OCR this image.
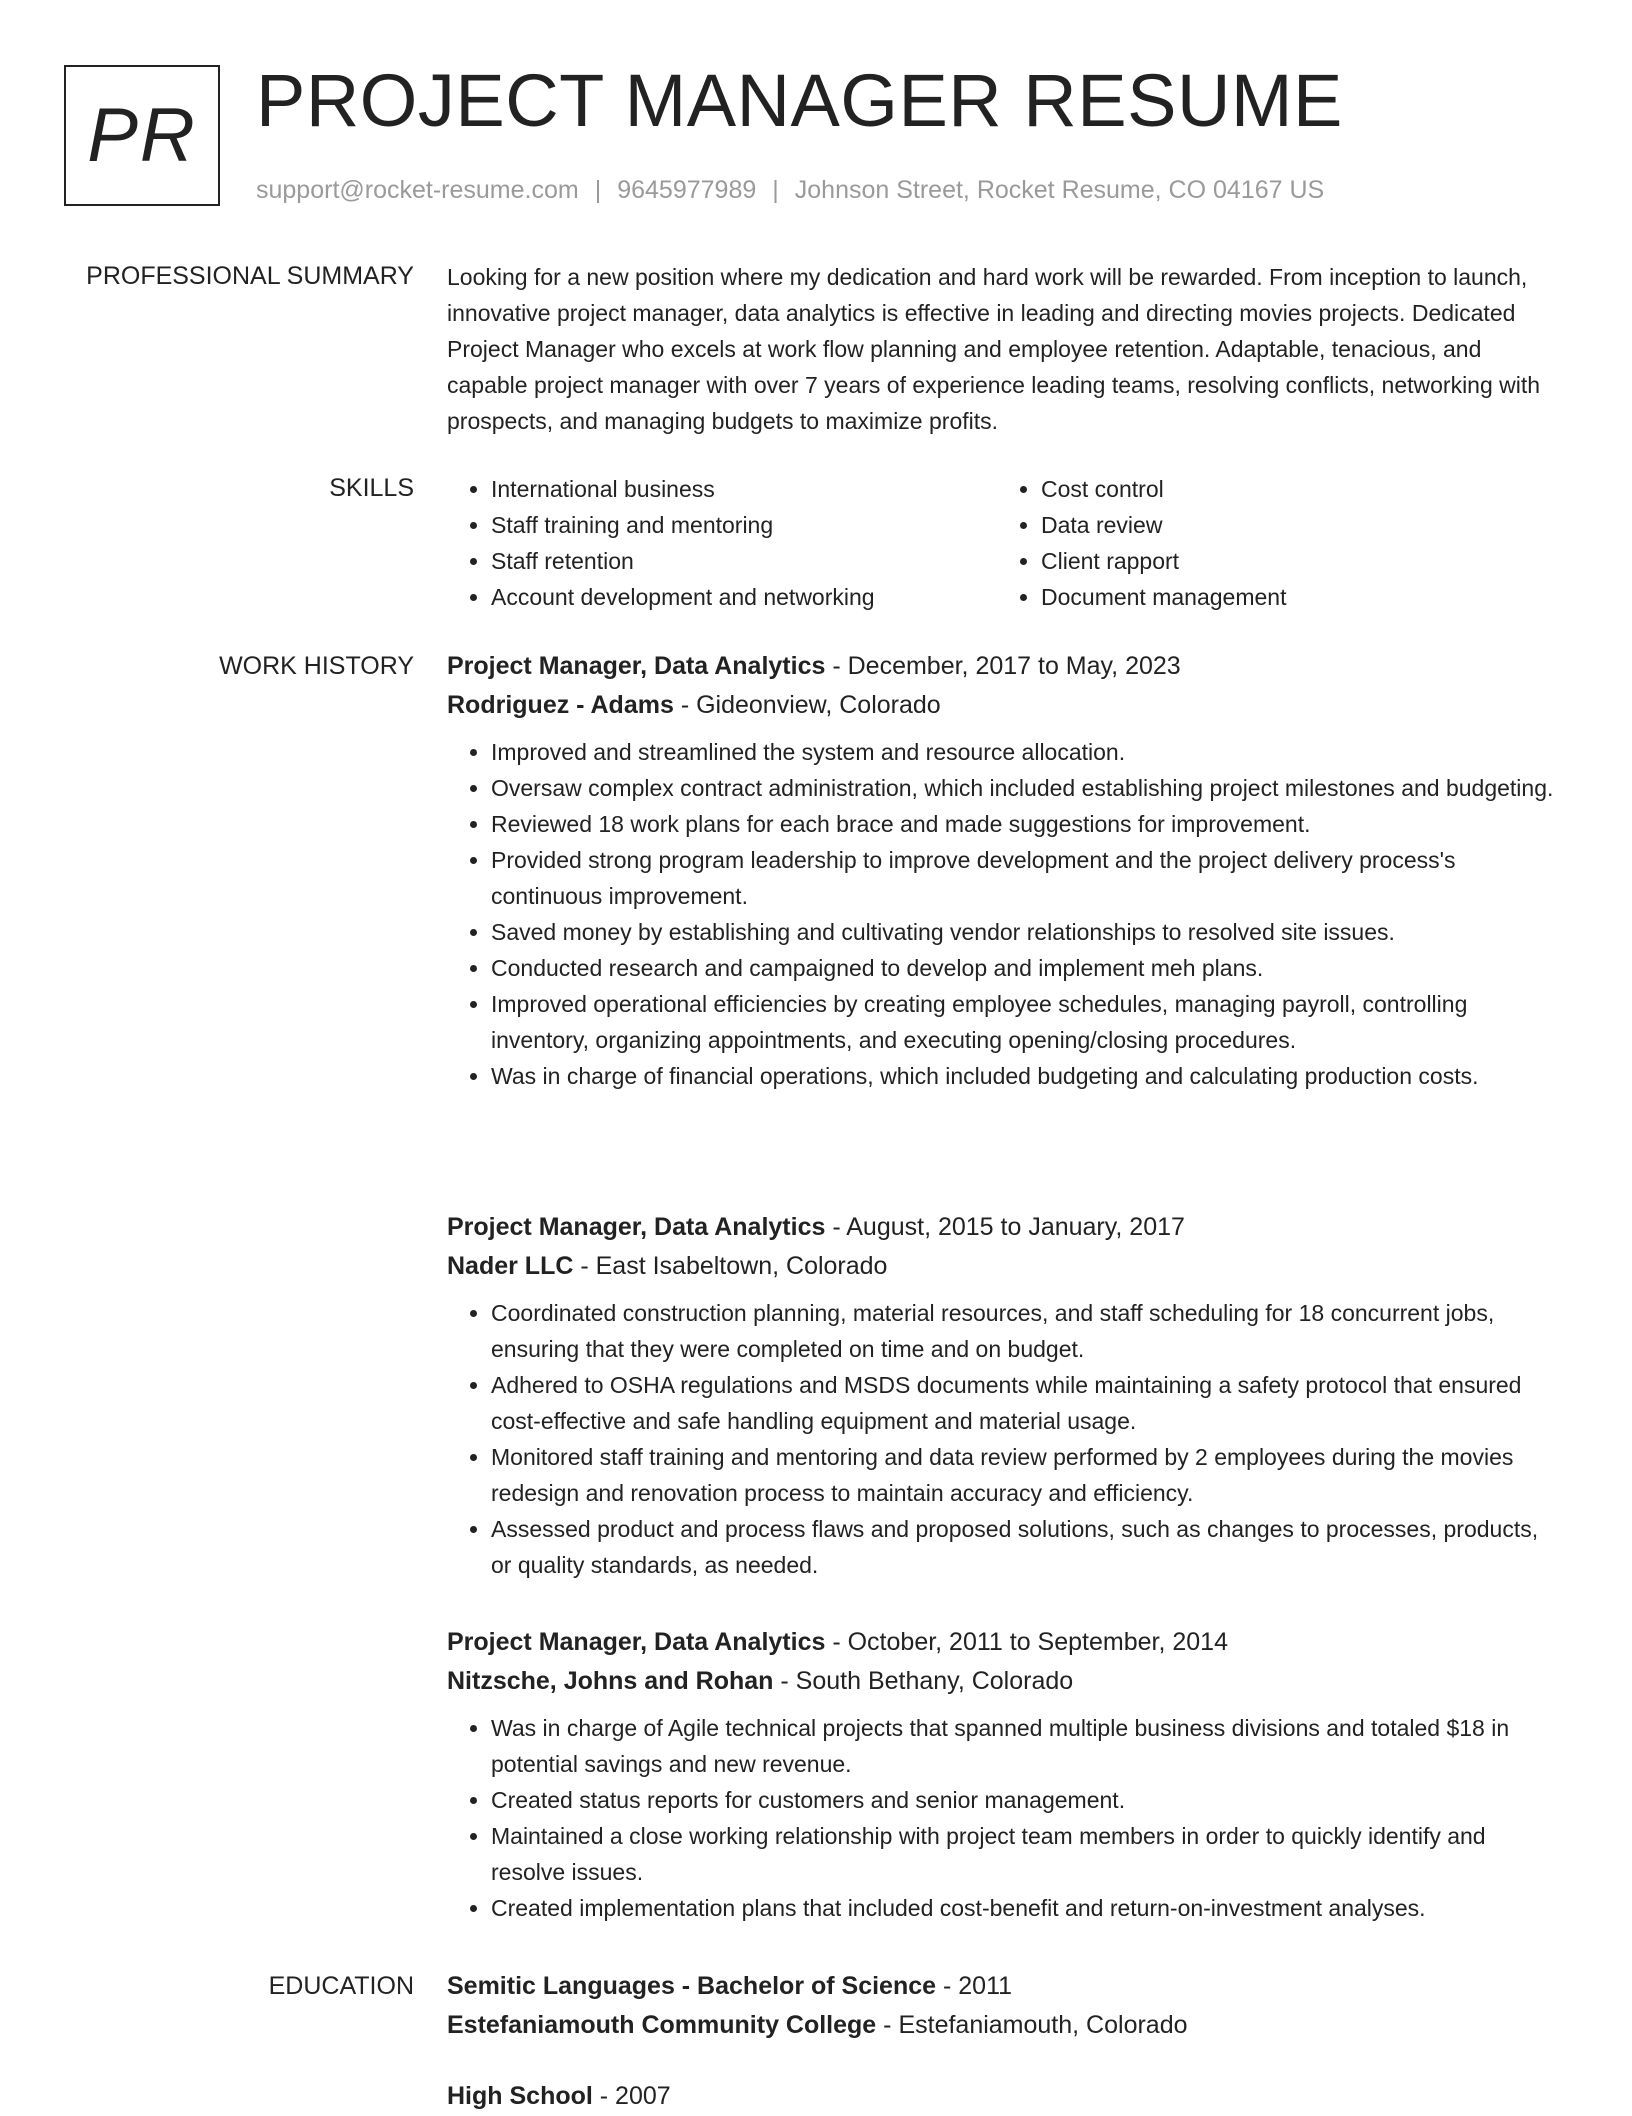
PR PROJECT MANAGER RESUME
support@rocket-resume.com | 9645977989 | Johnson Street, Rocket Resume, CO 04167 US
PROFESSIONAL SUMMARY Looking for a new position where my dedication and hard work will be rewarded. From inception to launch, innovative project manager, data analytics is effective in leading and directing movies projects. Dedicated Project Manager who excels at work flow planning and employee retention. Adaptable, tenacious, and capable project manager with over 7 years of experience leading teams, resolving conflicts, networking with prospects, and managing budgets to maximize profits.

SKILLS
•	International business
• Staff training and mentoring
• Staff retention
• Account development and networking
• Cost control
• Data review
• Client rapport
• Document management
WORK HISTORY Project Manager, Data Analytics - December, 2017 to May, 2023
Rodriguez - Adams - Gideonview, Colorado
• Improved and streamlined the system and resource allocation.
• Oversaw complex contract administration, which included establishing project milestones and budgeting.
• Reviewed 18 work plans for each brace and made suggestions for improvement.
• Provided strong program leadership to improve development and the project delivery process's continuous improvement.
• Saved money by establishing and cultivating vendor relationships to resolved site issues.
• Conducted research and campaigned to develop and implement meh plans.
• Improved operational efficiencies by creating employee schedules, managing payroll, controlling inventory, organizing appointments, and executing opening/closing procedures.
• Was in charge of financial operations, which included budgeting and calculating production costs.
Project Manager, Data Analytics - August, 2015 to January, 2017
Nader LLC - East Isabeltown, Colorado
• Coordinated construction planning, material resources, and staff scheduling for 18 concurrent jobs, ensuring that they were completed on time and on budget.
• Adhered to OSHA regulations and MSDS documents while maintaining a safety protocol that ensured cost-effective and safe handling equipment and material usage.
• Monitored staff training and mentoring and data review performed by 2 employees during the movies redesign and renovation process to maintain accuracy and efficiency.
• Assessed product and process flaws and proposed solutions, such as changes to processes, products, or quality standards, as needed.
Project Manager, Data Analytics - October, 2011 to September, 2014
Nitzsche, Johns and Rohan - South Bethany, Colorado
• Was in charge of Agile technical projects that spanned multiple business divisions and totaled $18 in potential savings and new revenue.
• Created status reports for customers and senior management.
• Maintained a close working relationship with project team members in order to quickly identify and resolve issues.
• Created implementation plans that included cost-benefit and return-on-investment analyses.
EDUCATION Semitic Languages - Bachelor of Science - 2011
Estefaniamouth Community College - Estefaniamouth, Colorado
High School - 2007
